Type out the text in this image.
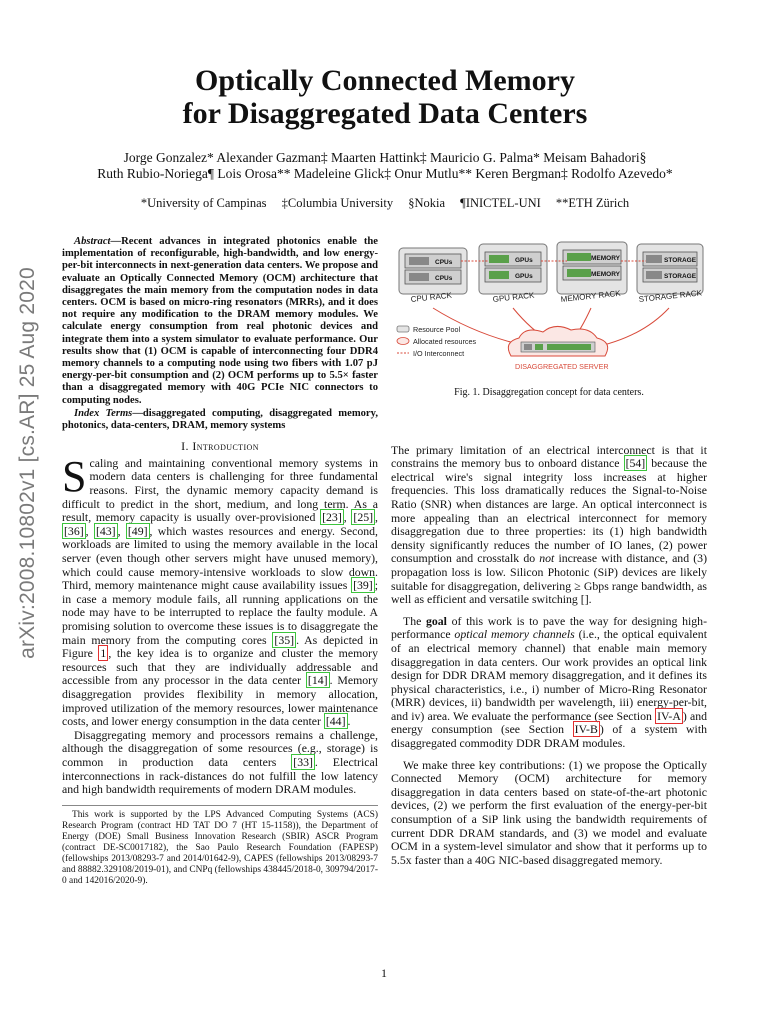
arXiv:2008.10802v1 [cs.AR] 25 Aug 2020
Optically Connected Memory
for Disaggregated Data Centers
Jorge Gonzalez* Alexander Gazman‡ Maarten Hattink‡ Mauricio G. Palma* Meisam Bahadori§
Ruth Rubio-Noriega¶ Lois Orosa** Madeleine Glick‡ Onur Mutlu** Keren Bergman‡ Rodolfo Azevedo*
*University of Campinas ‡Columbia University §Nokia ¶INICTEL-UNI **ETH Zürich

Abstract—Recent advances in integrated photonics enable the implementation of reconfigurable, high-bandwidth, and low energy-per-bit interconnects in next-generation data centers. We propose and evaluate an Optically Connected Memory (OCM) architecture that disaggregates the main memory from the computation nodes in data centers. OCM is based on micro-ring resonators (MRRs), and it does not require any modification to the DRAM memory modules. We calculate energy consumption from real photonic devices and integrate them into a system simulator to evaluate performance. Our results show that (1) OCM is capable of interconnecting four DDR4 memory channels to a computing node using two fibers with 1.07 pJ energy-per-bit consumption and (2) OCM performs up to 5.5× faster than a disaggregated memory with 40G PCIe NIC connectors to computing nodes.

Index Terms—disaggregated computing, disaggregated memory, photonics, data-centers, DRAM, memory systems

I. Introduction

Scaling and maintaining conventional memory systems in modern data centers is challenging for three fundamental reasons. First, the dynamic memory capacity demand is difficult to predict in the short, medium, and long term. As a result, memory capacity is usually over-provisioned [23] , [25] , [36] , [43] , [49] , which wastes resources and energy. Second, workloads are limited to using the memory available in the local server (even though other servers might have unused memory), which could cause memory-intensive workloads to slow down. Third, memory maintenance might cause availability issues [39] ; in case a memory module fails, all running applications on the node may have to be interrupted to replace the faulty module. A promising solution to overcome these issues is to disaggregate the main memory from the computing cores [35] . As depicted in Figure 1 , the key idea is to organize and cluster the memory resources such that they are individually addressable and accessible from any processor in the data center [14] . Memory disaggregation provides flexibility in memory allocation, improved utilization of the memory resources, lower maintenance costs, and lower energy consumption in the data center [44] .

Disaggregating memory and processors remains a challenge, although the disaggregation of some resources (e.g., storage) is common in production data centers [33] . Electrical interconnections in rack-distances do not fulfill the low latency and high bandwidth requirements of modern DRAM modules.

This work is supported by the LPS Advanced Computing Systems (ACS) Research Program (contract HD TAT DO 7 (HT 15-1158)), the Department of Energy (DOE) Small Business Innovation Research (SBIR) ASCR Program (contract DE-SC0017182), the Sao Paulo Research Foundation (FAPESP) (fellowships 2013/08293-7 and 2014/01642-9), CAPES (fellowships 2013/08293-7 and 88882.329108/2019-01), and CNPq (fellowships 438445/2018-0, 309794/2017-0 and 142016/2020-9).

CPUs
CPUs
CPU RACK
GPUs
GPUs
GPU RACK
MEMORY
MEMORY
MEMORY RACK
STORAGE
STORAGE
STORAGE RACK
DISAGGREGATED SERVER
Resource Pool
Allocated resources
I/O Interconnect
Fig. 1. Disaggregation concept for data centers.

The primary limitation of an electrical interconnect is that it constrains the memory bus to onboard distance [54] because the electrical wire's signal integrity loss increases at higher frequencies. This loss dramatically reduces the Signal-to-Noise Ratio (SNR) when distances are large. An optical interconnect is more appealing than an electrical interconnect for memory disaggregation due to three properties: its (1) high bandwidth density significantly reduces the number of IO lanes, (2) power consumption and crosstalk do not increase with distance, and (3) propagation loss is low. Silicon Photonic (SiP) devices are likely suitable for disaggregation, delivering ≥ Gbps range bandwidth, as well as efficient and versatile switching [].

The goal of this work is to pave the way for designing high-performance optical memory channels (i.e., the optical equivalent of an electrical memory channel) that enable main memory disaggregation in data centers. Our work provides an optical link design for DDR DRAM memory disaggregation, and it defines its physical characteristics, i.e., i) number of Micro-Ring Resonator (MRR) devices, ii) bandwidth per wavelength, iii) energy-per-bit, and iv) area. We evaluate the performance (see Section IV-A ) and energy consumption (see Section IV-B ) of a system with disaggregated commodity DDR DRAM modules.

We make three key contributions: (1) we propose the Optically Connected Memory (OCM) architecture for memory disaggregation in data centers based on state-of-the-art photonic devices, (2) we perform the first evaluation of the energy-per-bit consumption of a SiP link using the bandwidth requirements of current DDR DRAM standards, and (3) we model and evaluate OCM in a system-level simulator and show that it performs up to 5.5x faster than a 40G NIC-based disaggregated memory.

1
